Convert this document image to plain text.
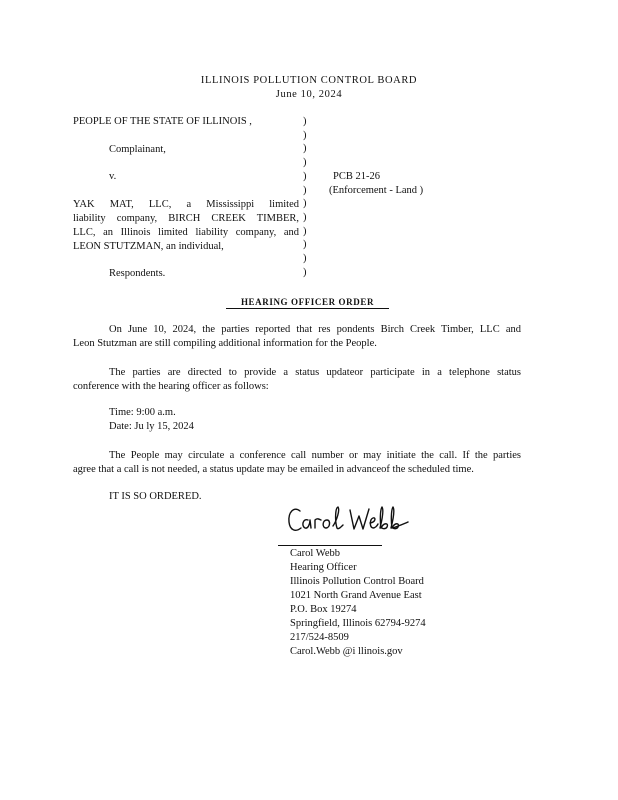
ILLINOIS POLLUTION CONTROL BOARD
June 10, 2024
PEOPLE OF THE STATE OF ILLINOIS ,
Complainant,
v.
YAK MAT, LLC, a Mississippi limited
liability company, BIRCH CREEK TIMBER,
LLC, an Illinois limited liability company, and
LEON STUTZMAN, an individual,
Respondents.
)
)
)
)
)
)
)
)
)
)
)
)
PCB 21-26
(Enforcement - Land )
HEARING OFFICER ORDER
On June 10, 2024, the parties reported that res pondents Birch Creek Timber, LLC and
Leon Stutzman are still compiling additional information for the People.
The parties are directed to provide a status updateor participate in a telephone status
conference with the hearing officer as follows:
Time: 9:00 a.m.
Date: Ju ly 15, 2024
The People may circulate a conference call number or may initiate the call. If the parties
agree that a call is not needed, a status update may be emailed in advanceof the scheduled time.
IT IS SO ORDERED.
Carol Webb
Hearing Officer
Illinois Pollution Control Board
1021 North Grand Avenue East
P.O. Box 19274
Springfield, Illinois 62794-9274
217/524-8509
Carol.Webb @i llinois.gov
